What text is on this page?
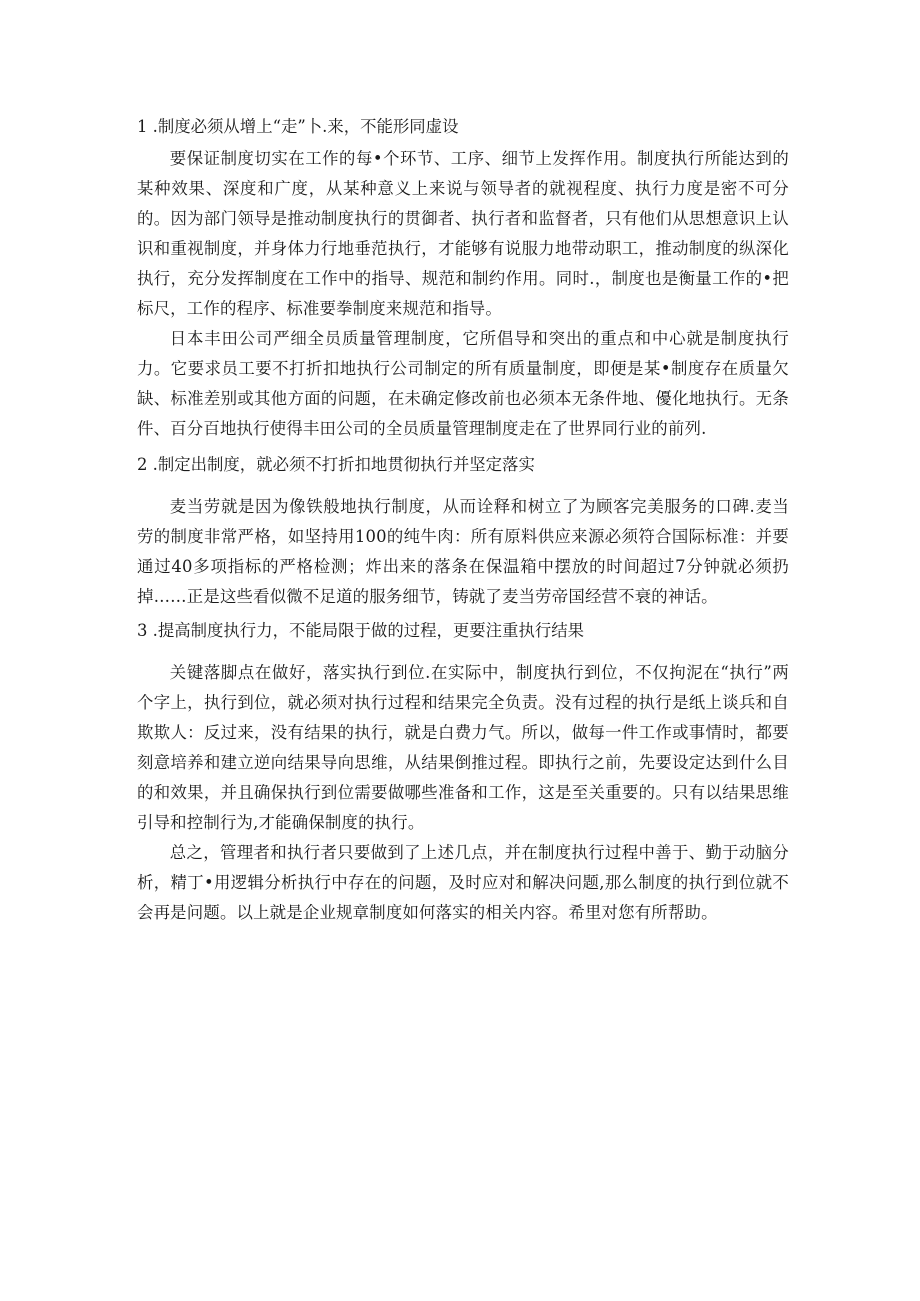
1 .制度必须从增上“走”卜.来，不能形同虚设

要保证制度切实在工作的每•个环节、工序、细节上发挥作用。制度执行所能达到的某种效果、深度和广度，从某种意义上来说与领导者的就视程度、执行力度是密不可分的。因为部门领导是推动制度执行的贯御者、执行者和监督者，只有他们从思想意识上认识和重视制度，并身体力行地垂范执行，才能够有说服力地带动职工，推动制度的纵深化执行，充分发挥制度在工作中的指导、规范和制约作用。同时.，制度也是衡量工作的•把标尺，工作的程序、标准要拳制度来规范和指导。

日本丰田公司严细全员质量管理制度，它所倡导和突出的重点和中心就是制度执行力。它要求员工要不打折扣地执行公司制定的所有质量制度，即便是某•制度存在质量欠缺、标准差别或其他方面的问题，在未确定修改前也必须本无条件地、優化地执行。无条件、百分百地执行使得丰田公司的全员质量管理制度走在了世界同行业的前列.

2 .制定出制度，就必须不打折扣地贯彻执行并坚定落实

麦当劳就是因为像铁般地执行制度，从而诠释和树立了为顾客完美服务的口碑.麦当劳的制度非常严格，如坚持用100的纯牛肉：所有原料供应来源必须符合国际标准：并要通过40多项指标的严格检测；炸出来的落条在保温箱中摆放的时间超过7分钟就必须扔掉……正是这些看似微不足道的服务细节，铸就了麦当劳帝国经营不衰的神话。

3 .提高制度执行力，不能局限于做的过程，更要注重执行结果

关键落脚点在做好，落实执行到位.在实际中，制度执行到位，不仅拘泥在“执行”两个字上，执行到位，就必须对执行过程和结果完全负责。没有过程的执行是纸上谈兵和自欺欺人：反过来，没有结果的执行，就是白费力气。所以，做每一件工作或事情时，都要刻意培养和建立逆向结果导向思维，从结果倒推过程。即执行之前，先要设定达到什么目的和效果，并且确保执行到位需要做哪些准备和工作，这是至关重要的。只有以结果思维引导和控制行为,才能确保制度的执行。

总之，管理者和执行者只要做到了上述几点，并在制度执行过程中善于、勤于动脑分析，精丁•用逻辑分析执行中存在的问题，及时应对和解决问题,那么制度的执行到位就不会再是问题。以上就是企业规章制度如何落实的相关内容。希里对您有所帮助。
